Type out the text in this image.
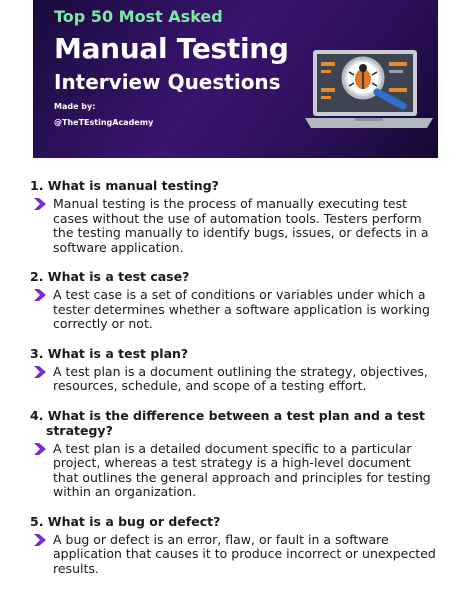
Top 50 Most Asked
Manual Testing
Interview Questions
Made by:
@TheTEstingAcademy
1. What is manual testing?
Manual testing is the process of manually executing test cases without the use of automation tools. Testers perform the testing manually to identify bugs, issues, or defects in a software application.
2. What is a test case?
A test case is a set of conditions or variables under which a tester determines whether a software application is working correctly or not.
3. What is a test plan?
A test plan is a document outlining the strategy, objectives, resources, schedule, and scope of a testing effort.
4. What is the difference between a test plan and a test strategy?
A test plan is a detailed document specific to a particular project, whereas a test strategy is a high-level document that outlines the general approach and principles for testing within an organization.
5. What is a bug or defect?
A bug or defect is an error, flaw, or fault in a software application that causes it to produce incorrect or unexpected results.
